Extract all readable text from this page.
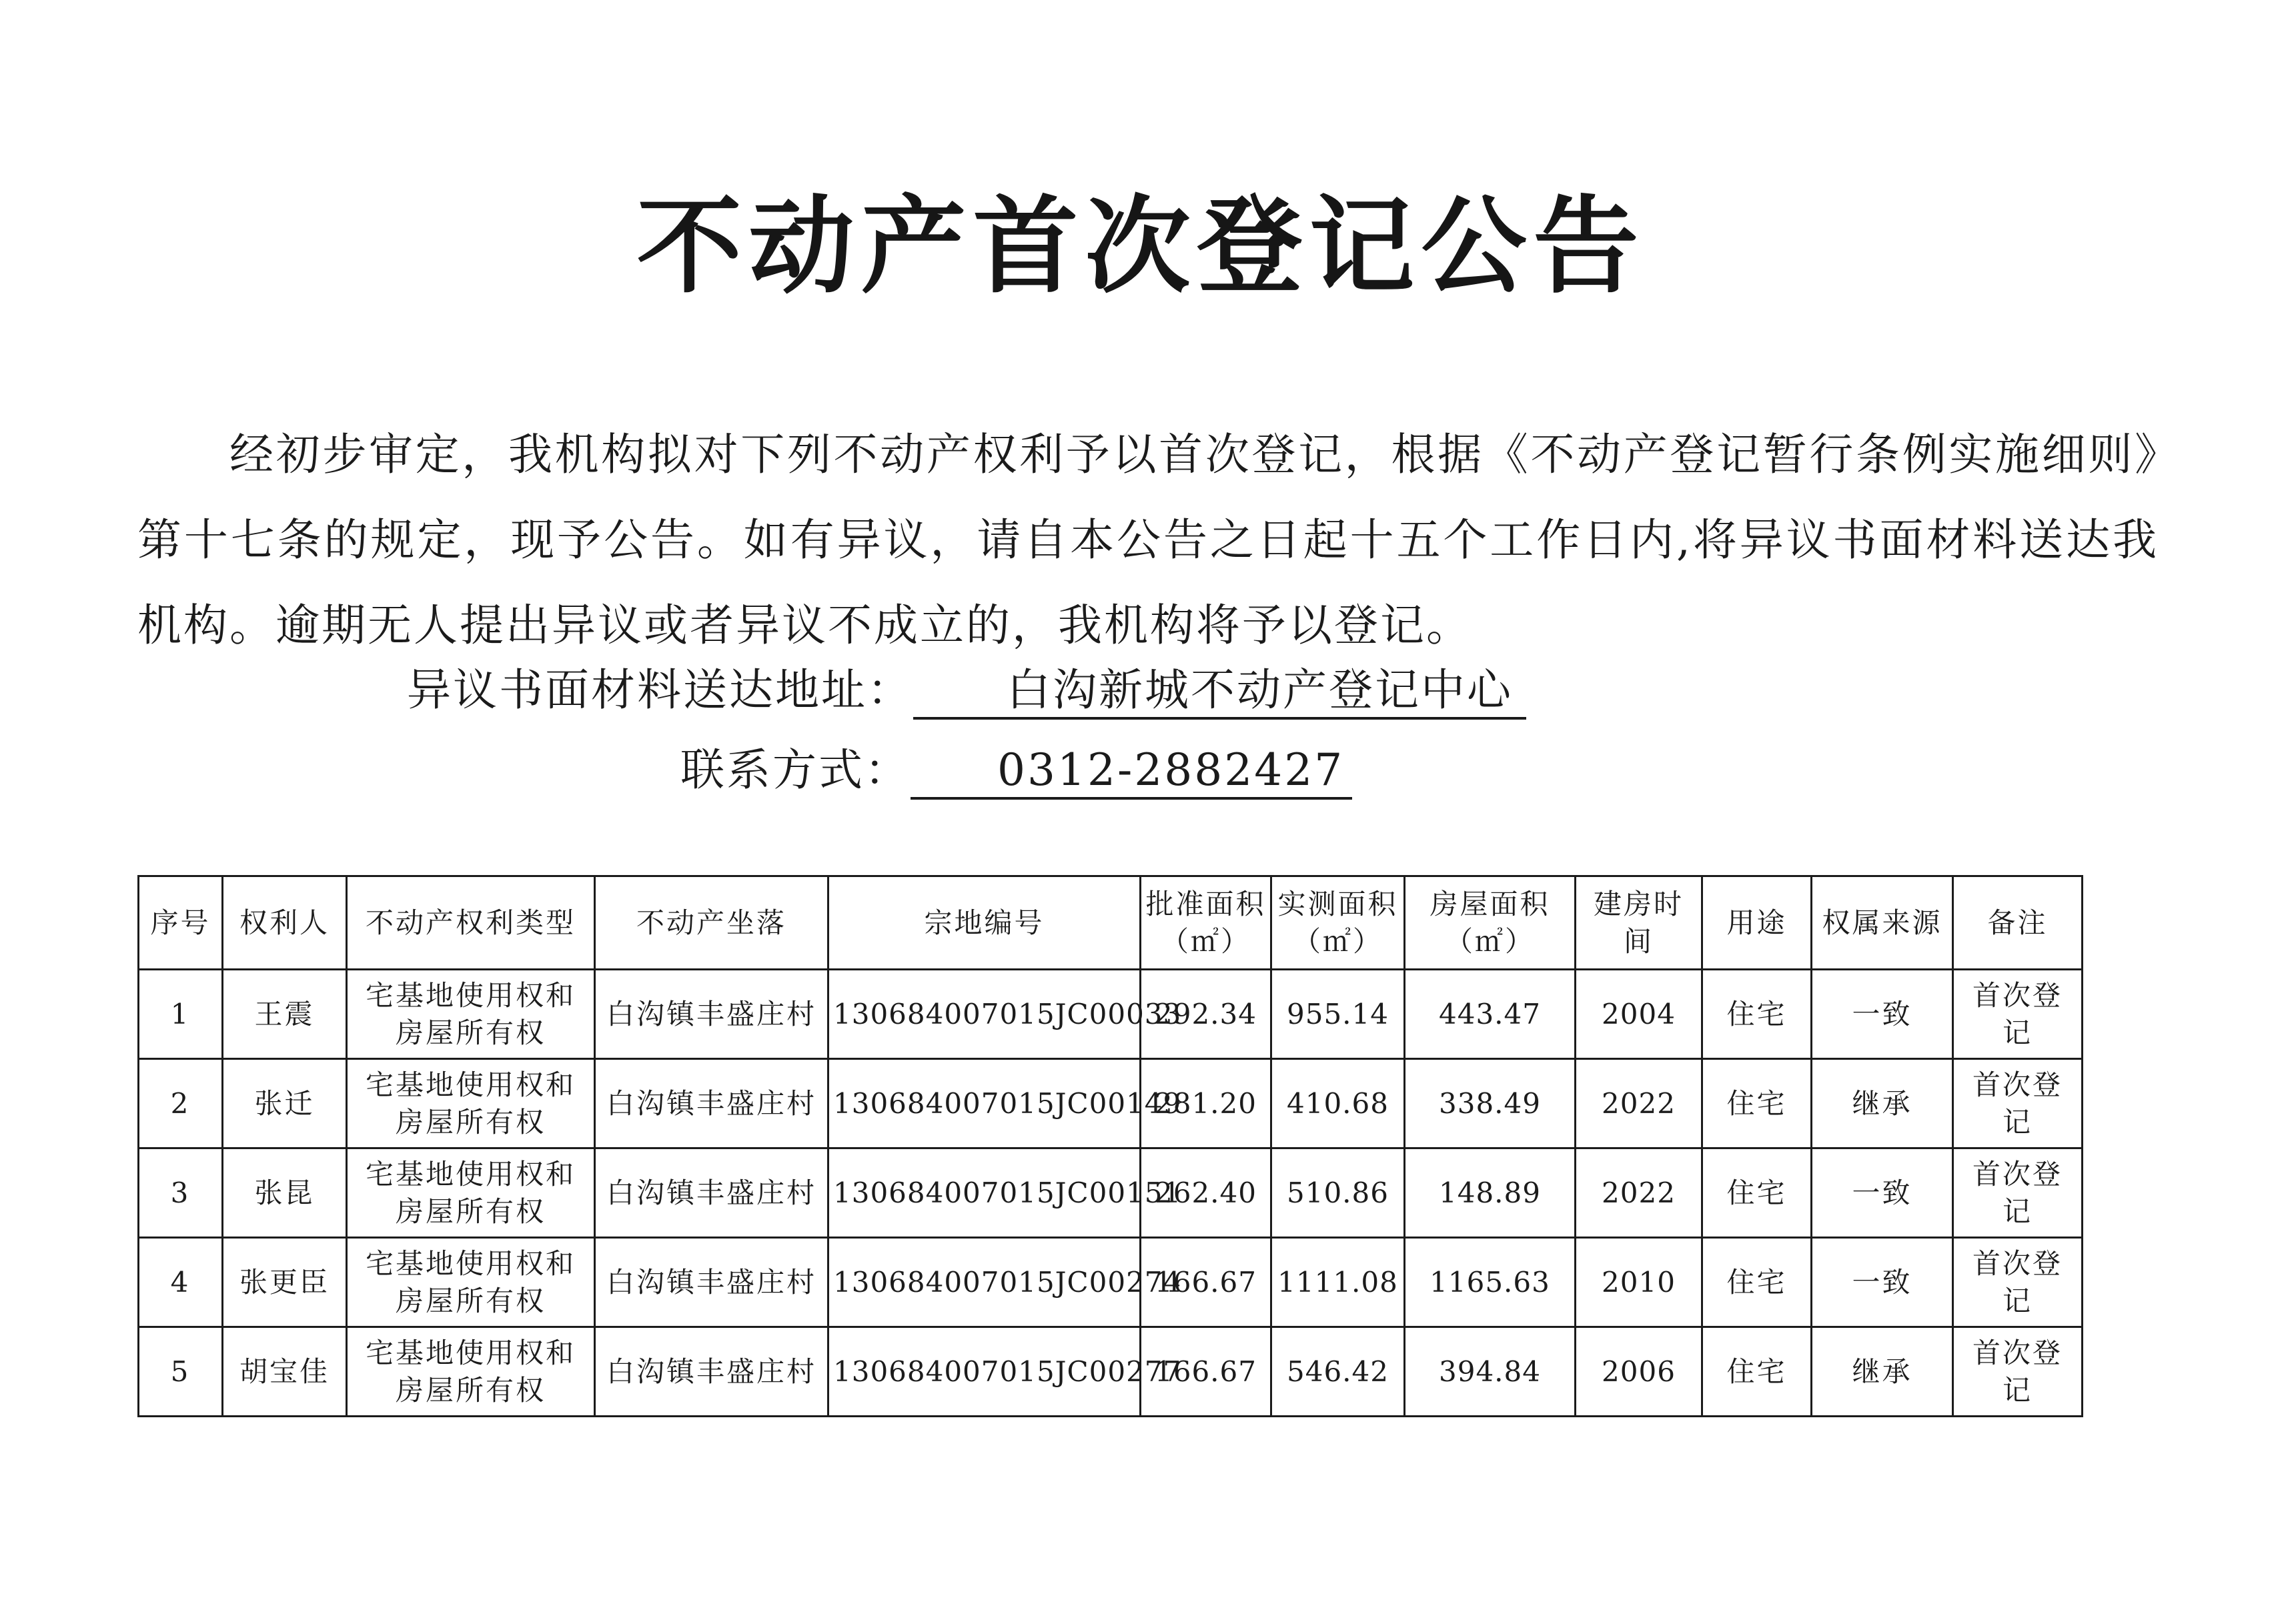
不动产首次登记公告
经初步审定，我机构拟对下列不动产权利予以首次登记，根据《不动产登记暂行条例实施细则》第十七条的规定，现予公告。如有异议，请自本公告之日起十五个工作日内,将异议书面材料送达我机构。逾期无人提出异议或者异议不成立的，我机构将予以登记。
异议书面材料送达地址： 白沟新城不动产登记中心
联系方式： 0312-2882427
序号	权利人	不动产权利类型	不动产坐落	宗地编号	批准面积（㎡）	实测面积（㎡）	房屋面积（㎡）	建房时间	用途	权属来源	备注
1	王震	宅基地使用权和房屋所有权	白沟镇丰盛庄村	130684007015JC00033	292.34	955.14	443.47	2004	住宅	一致	首次登记
2	张迁	宅基地使用权和房屋所有权	白沟镇丰盛庄村	130684007015JC00149	281.20	410.68	338.49	2022	住宅	继承	首次登记
3	张昆	宅基地使用权和房屋所有权	白沟镇丰盛庄村	130684007015JC00151	262.40	510.86	148.89	2022	住宅	一致	首次登记
4	张更臣	宅基地使用权和房屋所有权	白沟镇丰盛庄村	130684007015JC00274	166.67	1111.08	1165.63	2010	住宅	一致	首次登记
5	胡宝佳	宅基地使用权和房屋所有权	白沟镇丰盛庄村	130684007015JC00277	166.67	546.42	394.84	2006	住宅	继承	首次登记
